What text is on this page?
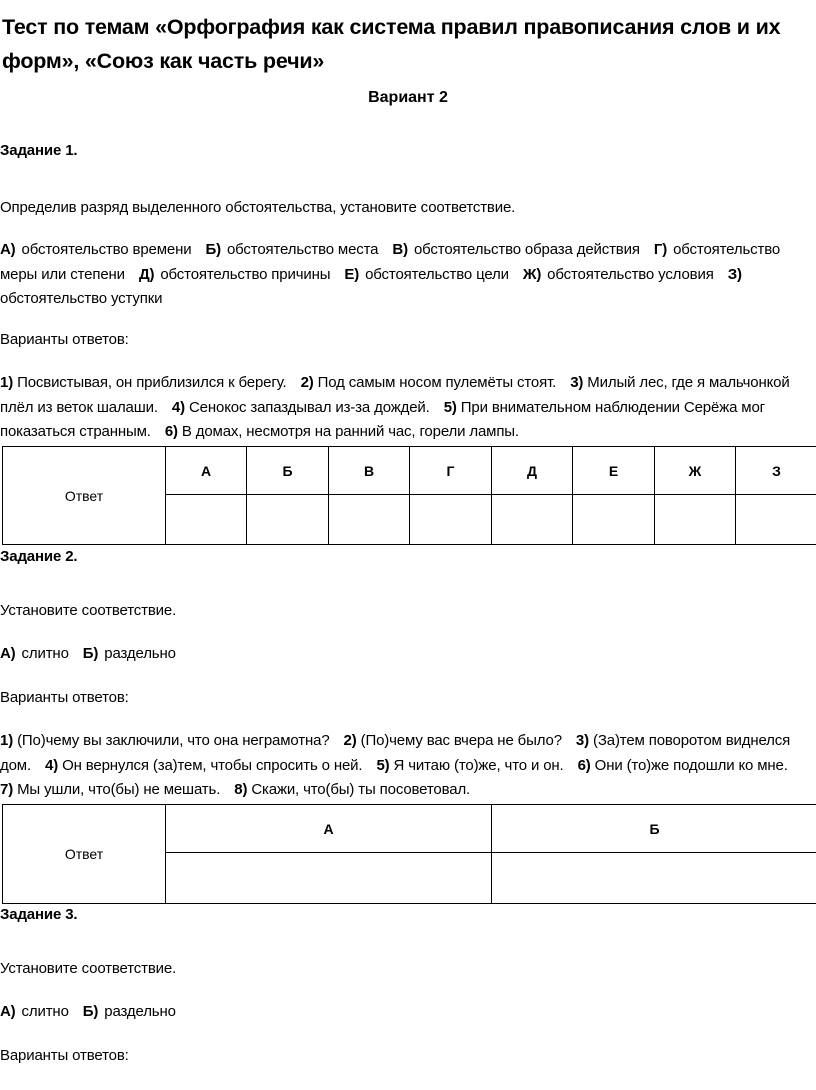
Тест по темам «Орфография как система правил правописания слов и их форм», «Союз как часть речи»
Вариант 2

Задание 1.

Определив разряд выделенного обстоятельства, установите соответствие.

А) обстоятельство времени Б) обстоятельство места В) обстоятельство образа действия Г) обстоятельство меры или степени Д) обстоятельство причины Е) обстоятельство цели Ж) обстоятельство условия З)обстоятельство уступки

Варианты ответов:

1) Посвистывая, он приблизился к берегу. 2) Под самым носом пулемёты стоят. 3) Милый лес, где я мальчонкой плёл из веток шалаши. 4) Сенокос запаздывал из-за дождей. 5) При внимательном наблюдении Серёжа мог показаться странным. 6) В домах, несмотря на ранний час, горели лампы.

Ответ	А	Б	В	Г	Д	Е	Ж	З

Задание 2.

Установите соответствие.

А) слитно Б) раздельно

Варианты ответов:

1) (По)чему вы заключили, что она неграмотна? 2) (По)чему вас вчера не было? 3) (За)тем поворотом виднелся дом. 4) Он вернулся (за)тем, чтобы спросить о ней. 5) Я читаю (то)же, что и он. 6) Они (то)же подошли ко мне. 7) Мы ушли, что(бы) не мешать. 8) Скажи, что(бы) ты посоветовал.

Ответ	А	Б

Задание 3.

Установите соответствие.

А) слитно Б) раздельно

Варианты ответов:
